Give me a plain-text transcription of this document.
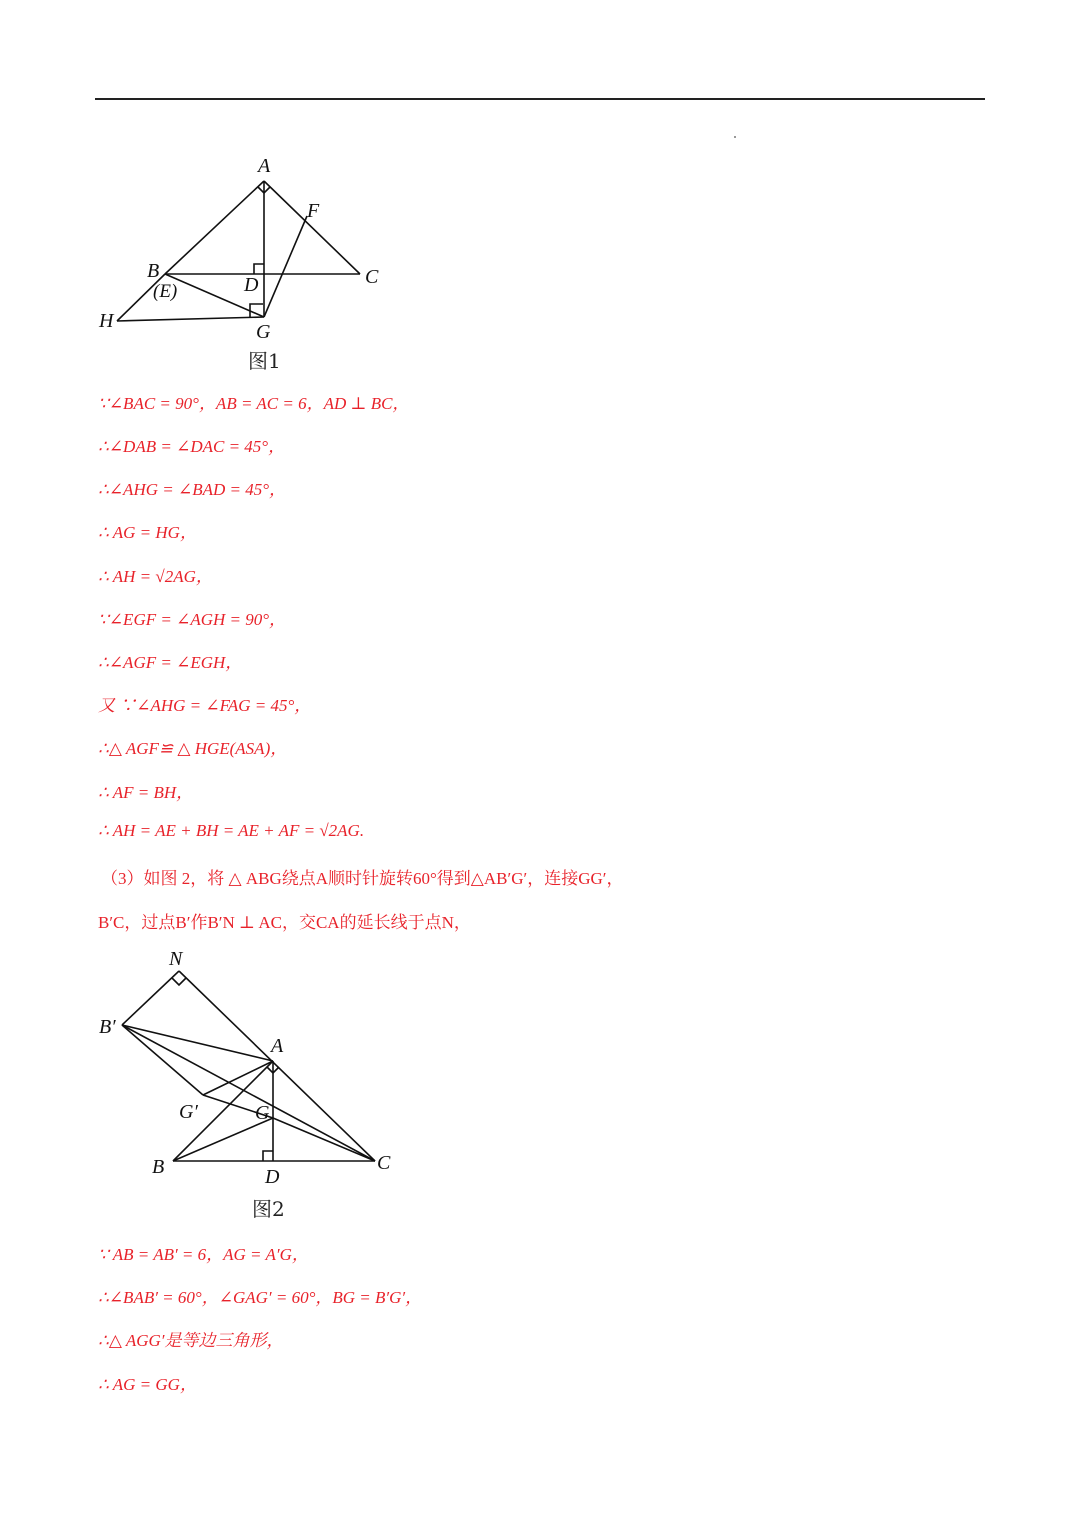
A
F
B	C
D
(E)
H	G
图1
∵∠BAC = 90°，AB = AC = 6，AD ⊥ BC，
∴∠DAB = ∠DAC = 45°，
∴∠AHG = ∠BAD = 45°，
∴ AG = HG，
∴ AH = √2AG，
∵∠EGF = ∠AGH = 90°，
∴∠AGF = ∠EGH，
又 ∵∠AHG = ∠FAG = 45°，
∴△ AGF≌ △ HGE(ASA)，
∴ AF = BH，
∴ AH = AE + BH = AE + AF = √2AG.
（3）如图 2，将 △ ABG绕点A顺时针旋转60°得到△AB′G′，连接GG′，
B′C，过点B′作B′N ⊥ AC，交CA的延长线于点N，
N
B′
A
G′	G
B	D
C
图2
∵ AB = AB′ = 6，AG = A′G，
∴∠BAB′ = 60°，∠GAG′ = 60°，BG = B′G′，
∴△ AGG′是等边三角形，
∴ AG = GG，
